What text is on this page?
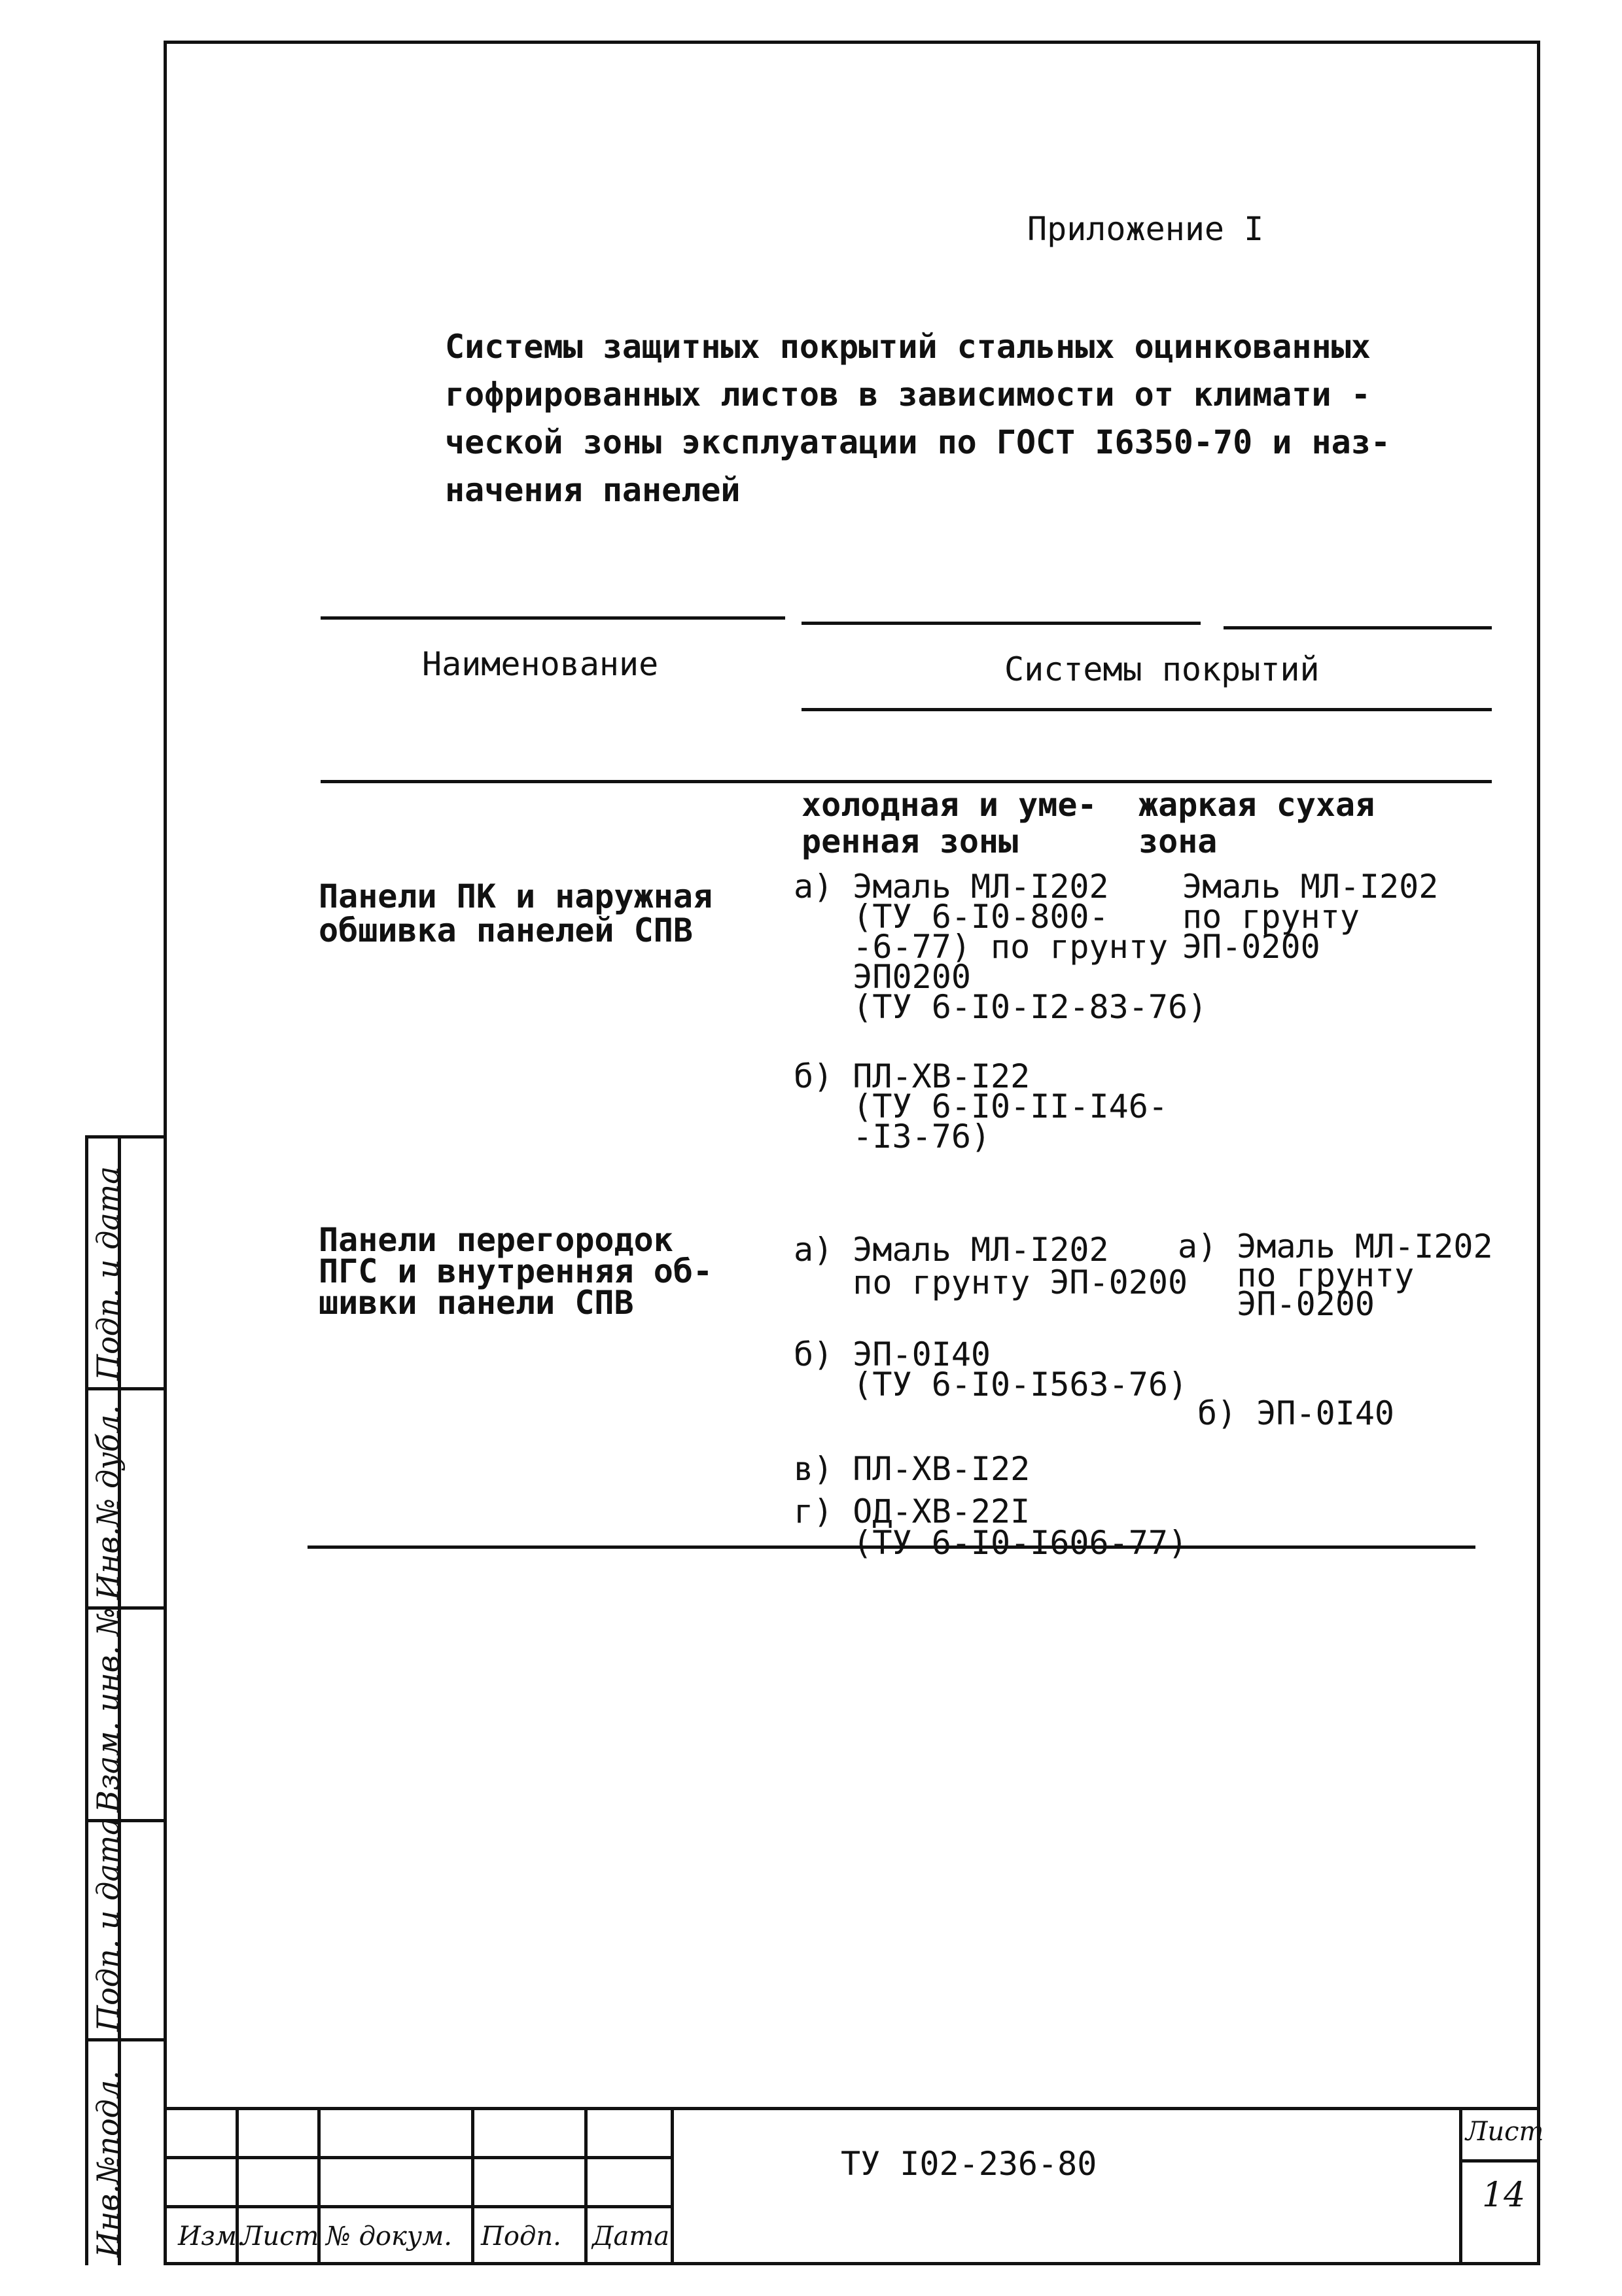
Инв.№подл.
Подп. и дата
Взам. инв. №
Инв.№ дубл.
Подп. и дата
Приложение I
Системы защитных покрытий стальных оцинкованных
гофрированных листов в зависимости от климати -
ческой зоны эксплуатации по ГОСТ I6350-70 и наз-
начения панелей
Наименование	Системы покрытий

холодная и уме-
ренная зоны

жаркая сухая
зона

Панели ПК и наружная
обшивка панелей СПВ

а) Эмаль МЛ-I202
(ТУ 6-I0-800-
-6-77) по грунту
ЭП0200
(ТУ 6-I0-I2-83-76)

Эмаль МЛ-I202
по грунту
ЭП-0200

б) ПЛ-ХВ-I22
(ТУ 6-I0-II-I46-
-I3-76)

Панели перегородок
ПГС и внутренняя об-
шивки панели СПВ

а) Эмаль МЛ-I202
по грунту ЭП-0200

а) Эмаль МЛ-I202
по грунту
ЭП-0200

б) ЭП-0I40
(ТУ 6-I0-I563-76)

б) ЭП-0I40

в) ПЛ-ХВ-I22

г) ОД-ХВ-22I
(ТУ 6-I0-I606-77)

Изм.
Лист № докум. Подп. Дата
ТУ I02-236-80
Лист
14
